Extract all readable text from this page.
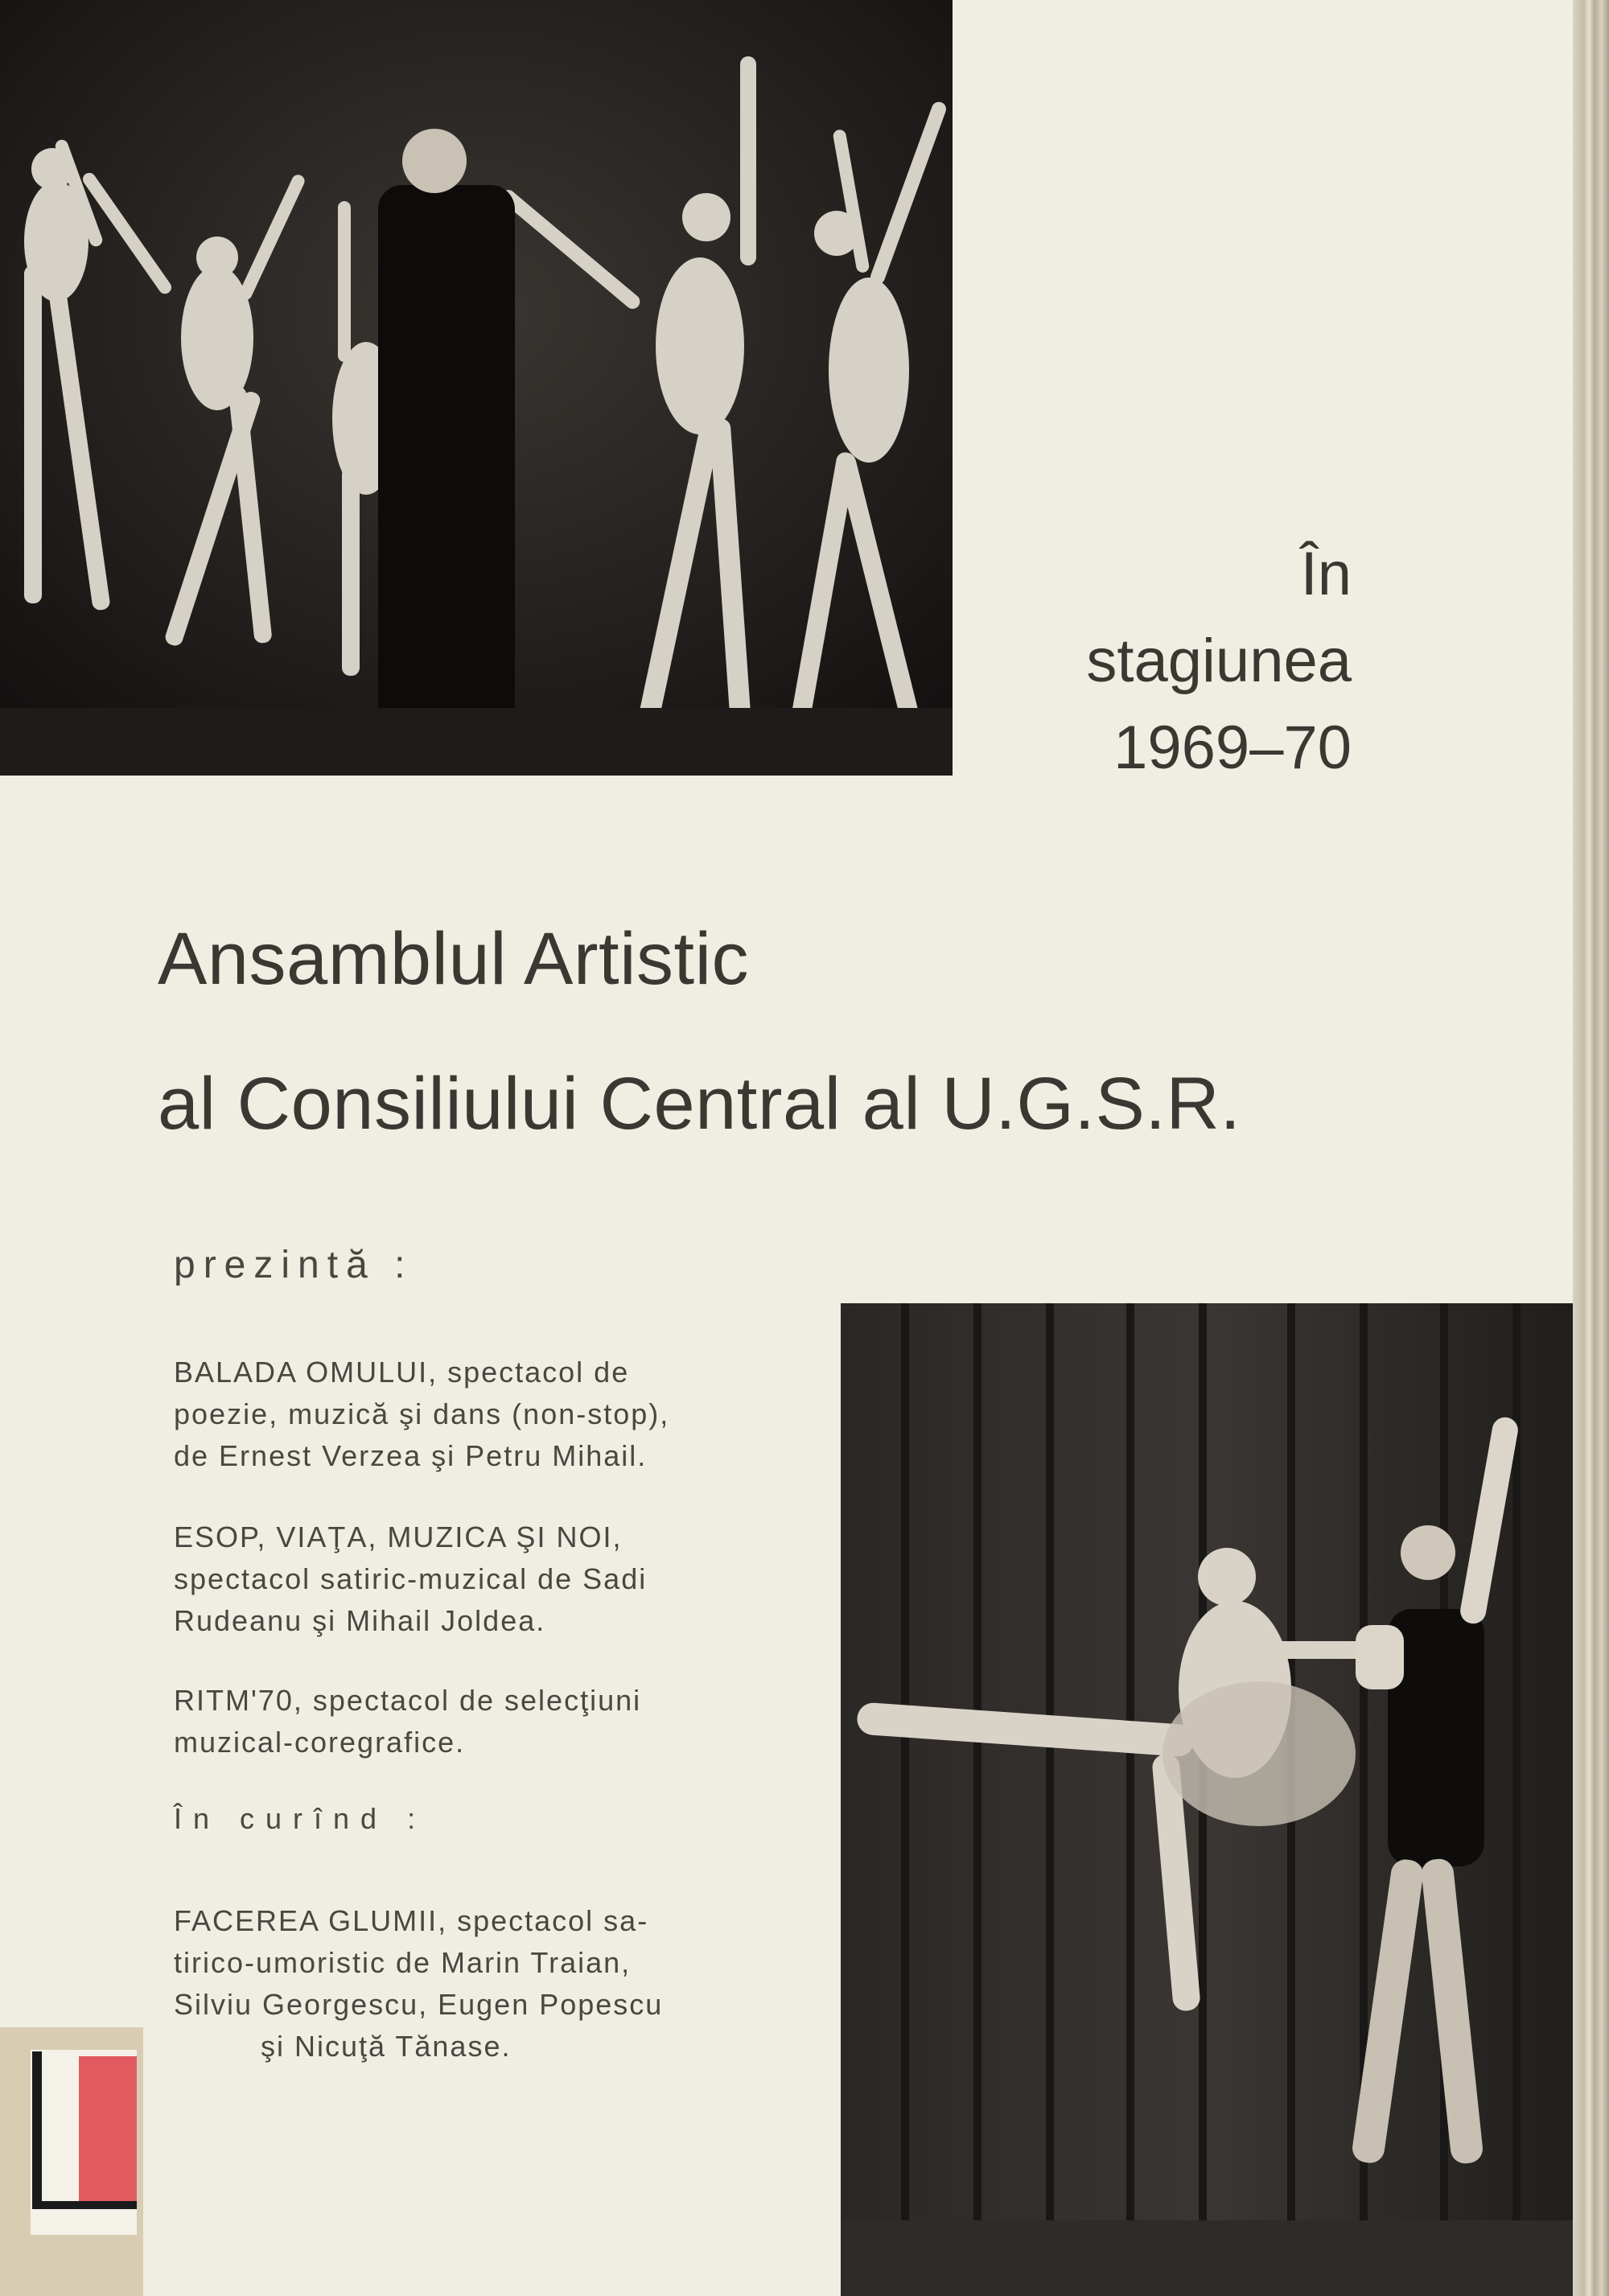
În
stagiunea
1969–70
Ansamblul Artistic
al Consiliului Central al U.G.S.R.
prezintă :
BALADA OMULUI, spectacol de
poezie, muzică şi dans (non-stop),
de Ernest Verzea şi Petru Mihail.
ESOP, VIAŢA, MUZICA ŞI NOI,
spectacol satiric-muzical de Sadi
Rudeanu şi Mihail Joldea.
RITM'70, spectacol de selecţiuni
muzical-coregrafice.
În curînd :
FACEREA GLUMII, spectacol sa-
tirico-umoristic de Marin Traian,
Silviu Georgescu, Eugen Popescu
şi Nicuţă Tănase.
